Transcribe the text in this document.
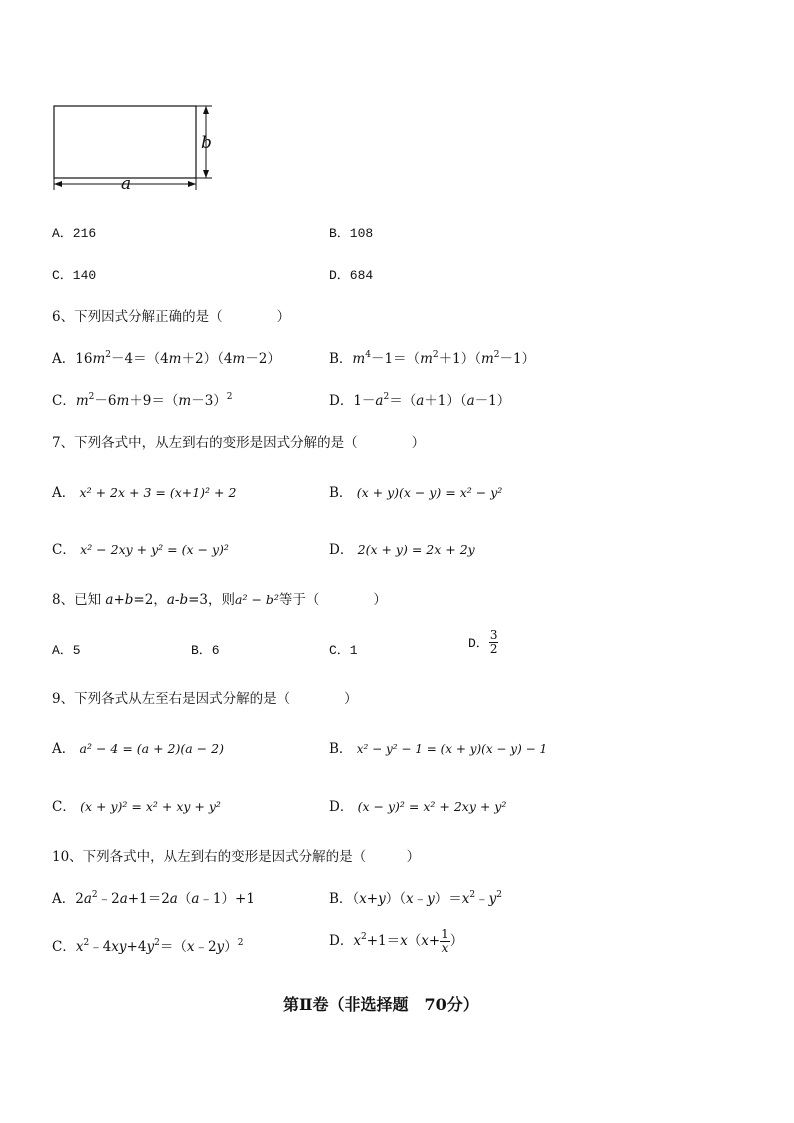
b
a
A．216	B．108
C．140	D．684
6、下列因式分解正确的是（　　　　）
A．$16m^2-4=(4m+2)(4m-2)$	B．$m^4-1=(m^2+1)(m^2-1)$
C．$m^2-6m+9=(m-3)^2$	D．$1-a^2=(a+1)(a-1)$
7、下列各式中，从左到右的变形是因式分解的是（　　　　）
A． x² + 2x + 3 = (x+1)² + 2	B． (x + y)(x − y) = x² − y²
C． x² − 2xy + y² = (x − y)²	D． 2(x + y) = 2x + 2y
8、已知 a+b=2，a-b=3，则a² − b²等于（　　　　）
A．5	B．6	C．1	D． $\frac{3}{2}$
9、下列各式从左至右是因式分解的是（　　　　）
A． a² − 4 = (a + 2)(a − 2)	B． x² − y² − 1 = (x + y)(x − y) − 1
C． (x + y)² = x² + xy + y²	D． (x − y)² = x² + 2xy + y²
10、下列各式中，从左到右的变形是因式分解的是（　　　）
A．$2a^2﹣2a+1=2a(a﹣1)+1$	B．$(x+y)(x﹣y)=x^2﹣y^2$
C．$x^2﹣4xy+4y^2=(x﹣2y)^2$	D．$x^2+1=x(x+ \frac{1}{x}$ ）
第Ⅱ卷（非选择题　70分）
